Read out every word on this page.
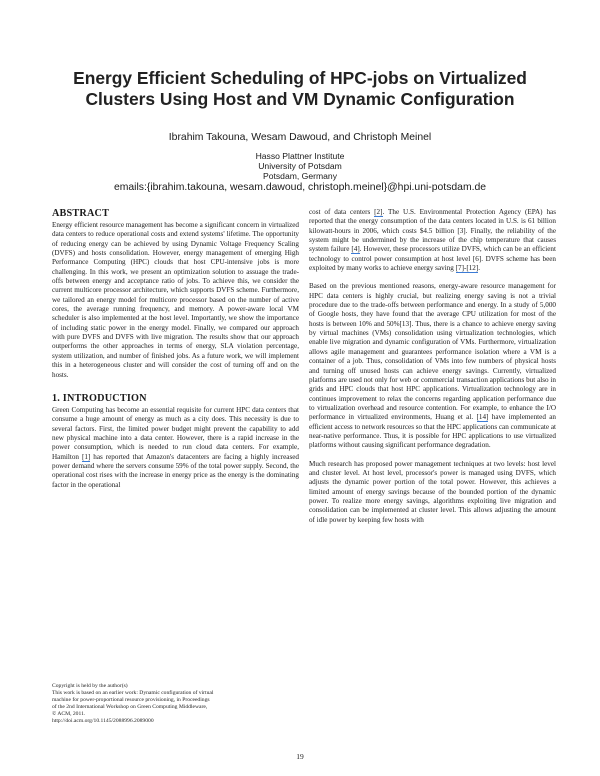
Energy Efficient Scheduling of HPC-jobs on Virtualized Clusters Using Host and VM Dynamic Configuration
Ibrahim Takouna, Wesam Dawoud, and Christoph Meinel
Hasso Plattner Institute
University of Potsdam
Potsdam, Germany
emails:{ibrahim.takouna, wesam.dawoud, christoph.meinel}@hpi.uni-potsdam.de
ABSTRACT

Energy efficient resource management has become a significant concern in virtualized data centers to reduce operational costs and extend systems' lifetime. The opportunity of reducing energy can be achieved by using Dynamic Voltage Frequency Scaling (DVFS) and hosts consolidation. However, energy management of emerging High Performance Computing (HPC) clouds that host CPU-intensive jobs is more challenging. In this work, we present an optimization solution to assuage the trade-offs between energy and acceptance ratio of jobs. To achieve this, we consider the current multicore processor architecture, which supports DVFS scheme. Furthermore, we tailored an energy model for multicore processor based on the number of active cores, the average running frequency, and memory. A power-aware local VM scheduler is also implemented at the host level. Importantly, we show the importance of including static power in the energy model. Finally, we compared our approach with pure DVFS and DVFS with live migration. The results show that our approach outperforms the other approaches in terms of energy, SLA violation percentage, system utilization, and number of finished jobs. As a future work, we will implement this in a heterogeneous cluster and will consider the cost of turning off and on the hosts.

1. INTRODUCTION

Green Computing has become an essential requisite for current HPC data centers that consume a huge amount of energy as much as a city does. This necessity is due to several factors. First, the limited power budget might prevent the capability to add new physical machine into a data center. However, there is a rapid increase in the power consumption, which is needed to run cloud data centers. For example, Hamilton [1] has reported that Amazon's datacenters are facing a highly increased power demand where the servers consume 59% of the total power supply. Second, the operational cost rises with the increase in energy price as the energy is the dominating factor in the operational

cost of data centers [2]. The U.S. Environmental Protection Agency (EPA) has reported that the energy consumption of the data centers located in U.S. is 61 billion kilowatt-hours in 2006, which costs $4.5 billion [3]. Finally, the reliability of the system might be undermined by the increase of the chip temperature that causes system failure [4]. However, these processors utilize DVFS, which can be an efficient technology to control power consumption at host level [6]. DVFS scheme has been exploited by many works to achieve energy saving [7]-[12].

Based on the previous mentioned reasons, energy-aware resource management for HPC data centers is highly crucial, but realizing energy saving is not a trivial procedure due to the trade-offs between performance and energy. In a study of 5,000 of Google hosts, they have found that the average CPU utilization for most of the hosts is between 10% and 50%[13]. Thus, there is a chance to achieve energy saving by virtual machines (VMs) consolidation using virtualization technologies, which enable live migration and dynamic configuration of VMs. Furthermore, virtualization allows agile management and guarantees performance isolation where a VM is a container of a job. Thus, consolidation of VMs into few numbers of physical hosts and turning off unused hosts can achieve energy savings. Currently, virtualized platforms are used not only for web or commercial transaction applications but also in grids and HPC clouds that host HPC applications. Virtualization technology are in continues improvement to relax the concerns regarding application performance due to virtualization overhead and resource contention. For example, to enhance the I/O performance in virtualized environments, Huang et al. [14] have implemented an efficient access to network resources so that the HPC applications can communicate at near-native performance. Thus, it is possible for HPC applications to use virtualized platforms without causing significant performance degradation.

Much research has proposed power management techniques at two levels: host level and cluster level. At host level, processor's power is managed using DVFS, which adjusts the dynamic power portion of the total power. However, this achieves a limited amount of energy savings because of the bounded portion of the dynamic power. To realize more energy savings, algorithms exploiting live migration and consolidation can be implemented at cluster level. This allows adjusting the amount of idle power by keeping few hosts with

Copyright is held by the author(s)
This work is based on an earlier work: Dynamic configuration of virtual
machine for power-proportional resource provisioning, in Proceedings
of the 2nd International Workshop on Green Computing Middleware,
© ACM, 2011.
http://doi.acm.org/10.1145/2088996.2089000
19
